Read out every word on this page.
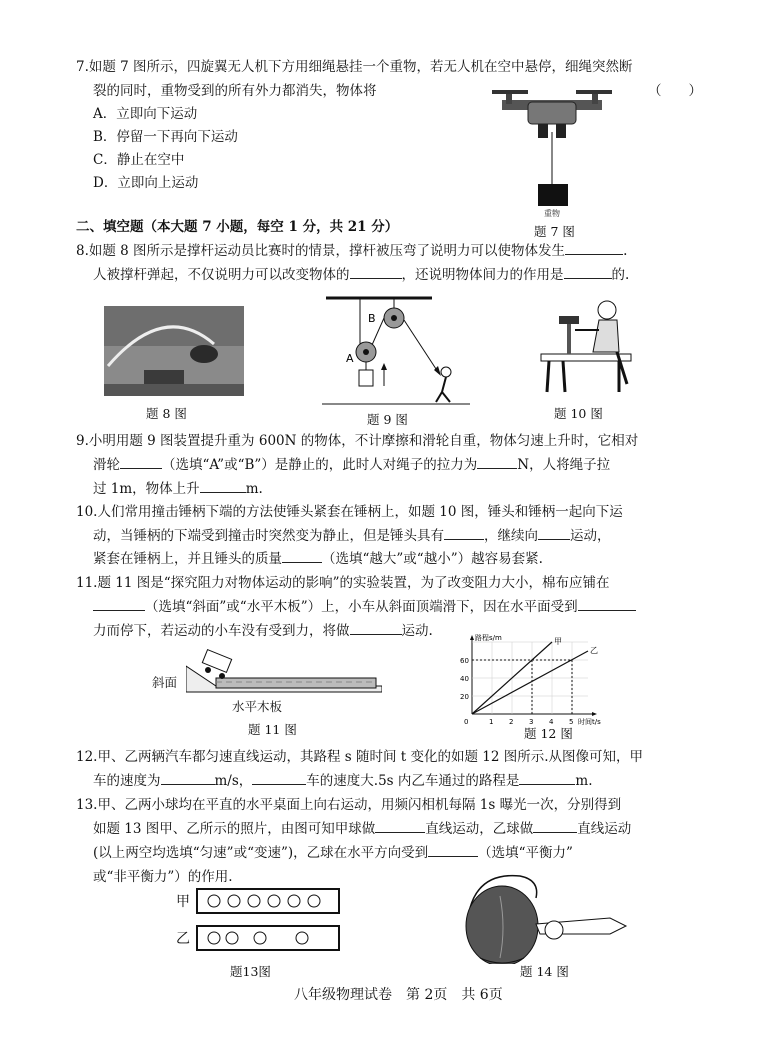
7.如题 7 图所示，四旋翼无人机下方用细绳悬挂一个重物，若无人机在空中悬停，细绳突然断
裂的同时，重物受到的所有外力都消失，物体将	（　　）
A．立即向下运动
B．停留一下再向下运动
C．静止在空中
D．立即向上运动
重物
题 7 图
二、填空题（本大题 7 小题，每空 1 分，共 21 分）
8.如题 8 图所示是撑杆运动员比赛时的情景，撑杆被压弯了说明力可以使物体发生	.
人被撑杆弹起，不仅说明力可以改变物体的	，还说明物体间力的作用是	的.
题 8 图
B
A
题 9 图	题 10 图
9.小明用题 9 图装置提升重为 600N 的物体，不计摩擦和滑轮自重，物体匀速上升时，它相对
滑轮	（选填“A”或“B”）是静止的，此时人对绳子的拉力为	N，人将绳子拉
过 1m，物体上升	m.
10.人们常用撞击锤柄下端的方法使锤头紧套在锤柄上，如题 10 图，锤头和锤柄一起向下运
动，当锤柄的下端受到撞击时突然变为静止，但是锤头具有	，继续向 运动，
紧套在锤柄上，并且锤头的质量	（选填“越大”或“越小”）越容易套紧.
11.题 11 图是“探究阻力对物体运动的影响”的实验装置，为了改变阻力大小，棉布应铺在
（选填“斜面”或“水平木板”）上，小车从斜面顶端滑下，因在水平面受到
力而停下，若运动的小车没有受到力，将做	运动.
斜面
水平木板
题 11 图	1 2 3 4 5
20
40
60
0
路程s/m
时间t/s
甲
乙
题 12 图
12.甲、乙两辆汽车都匀速直线运动，其路程 s 随时间 t 变化的如题 12 图所示.从图像可知，甲
车的速度为	m/s，	车的速度大.5s 内乙车通过的路程是	m.
13.甲、乙两小球均在平直的水平桌面上向右运动，用频闪相机每隔 1s 曝光一次，分别得到
如题 13 图甲、乙所示的照片，由图可知甲球做	直线运动，乙球做	直线运动
(以上两空均选填“匀速”或“变速”)，乙球在水平方向受到	（选填“平衡力”
或“非平衡力”）的作用.
甲
乙
题13图	题 14 图
八年级物理试卷　第 2页　共 6页
